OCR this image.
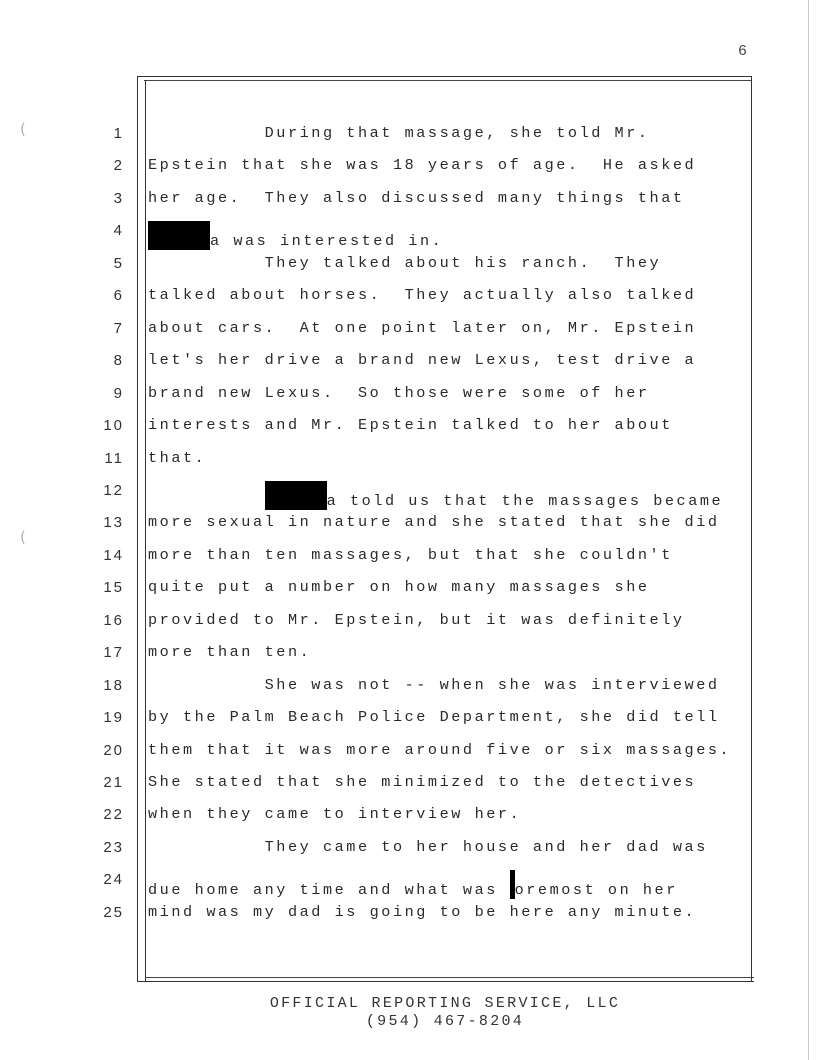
(
(
6
1 During that massage, she told Mr.
2 Epstein that she was 18 years of age.  He asked
3 her age.  They also discussed many things that
4
a was interested in.
5 They talked about his ranch.  They
6 talked about horses.  They actually also talked
7 about cars.  At one point later on, Mr. Epstein
8 let's her drive a brand new Lexus, test drive a
9 brand new Lexus.  So those were some of her
10 interests and Mr. Epstein talked to her about
11 that.
12
a told us that the massages became
13 more sexual in nature and she stated that she did
14 more than ten massages, but that she couldn't
15 quite put a number on how many massages she
16 provided to Mr. Epstein, but it was definitely
17 more than ten.
18 She was not -- when she was interviewed
19 by the Palm Beach Police Department, she did tell
20 them that it was more around five or six massages.
21 She stated that she minimized to the detectives
22 when they came to interview her.
23 They came to her house and her dad was
24
due home any time and what was oremost on her
25 mind was my dad is going to be here any minute.
OFFICIAL REPORTING SERVICE, LLC
(954) 467-8204
